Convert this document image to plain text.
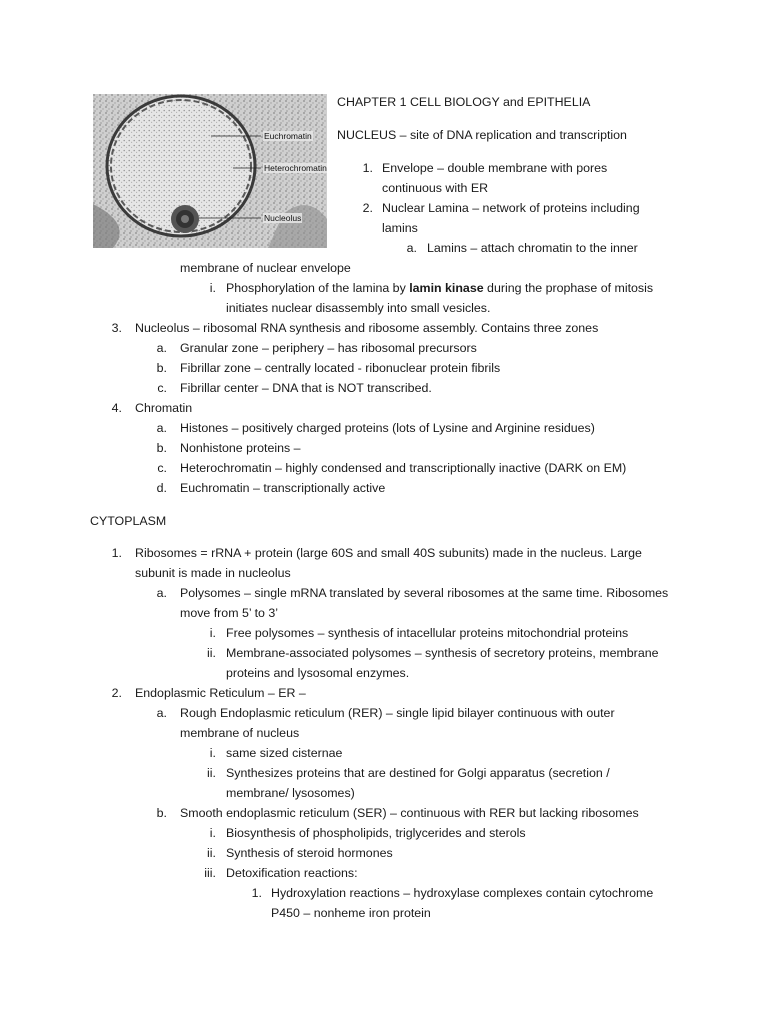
Euchromatin
Heterochromatin
Nucleolus
CHAPTER 1 CELL BIOLOGY and EPITHELIA
NUCLEUS – site of DNA replication and transcription
1. Envelope – double membrane with pores
continuous with ER
2. Nuclear Lamina – network of proteins including
lamins
a. Lamins – attach chromatin to the inner
membrane of nuclear envelope
i. Phosphorylation of the lamina by lamin kinase during the prophase of mitosis
initiates nuclear disassembly into small vesicles.
3. Nucleolus – ribosomal RNA synthesis and ribosome assembly. Contains three zones
a. Granular zone – periphery – has ribosomal precursors
b. Fibrillar zone – centrally located - ribonuclear protein fibrils
c. Fibrillar center – DNA that is NOT transcribed.
4. Chromatin
a. Histones – positively charged proteins (lots of Lysine and Arginine residues)
b. Nonhistone proteins –
c. Heterochromatin – highly condensed and transcriptionally inactive (DARK on EM)
d. Euchromatin – transcriptionally active
CYTOPLASM
1. Ribosomes = rRNA + protein (large 60S and small 40S subunits) made in the nucleus. Large
subunit is made in nucleolus
a. Polysomes – single mRNA translated by several ribosomes at the same time. Ribosomes
move from 5’ to 3’
i. Free polysomes – synthesis of intacellular proteins mitochondrial proteins
ii. Membrane-associated polysomes – synthesis of secretory proteins, membrane
proteins and lysosomal enzymes.
2. Endoplasmic Reticulum – ER –
a. Rough Endoplasmic reticulum (RER) – single lipid bilayer continuous with outer
membrane of nucleus
i. same sized cisternae
ii. Synthesizes proteins that are destined for Golgi apparatus (secretion /
membrane/ lysosomes)
b. Smooth endoplasmic reticulum (SER) – continuous with RER but lacking ribosomes
i. Biosynthesis of phospholipids, triglycerides and sterols
ii. Synthesis of steroid hormones
iii. Detoxification reactions:
1. Hydroxylation reactions – hydroxylase complexes contain cytochrome
P450 – nonheme iron protein
